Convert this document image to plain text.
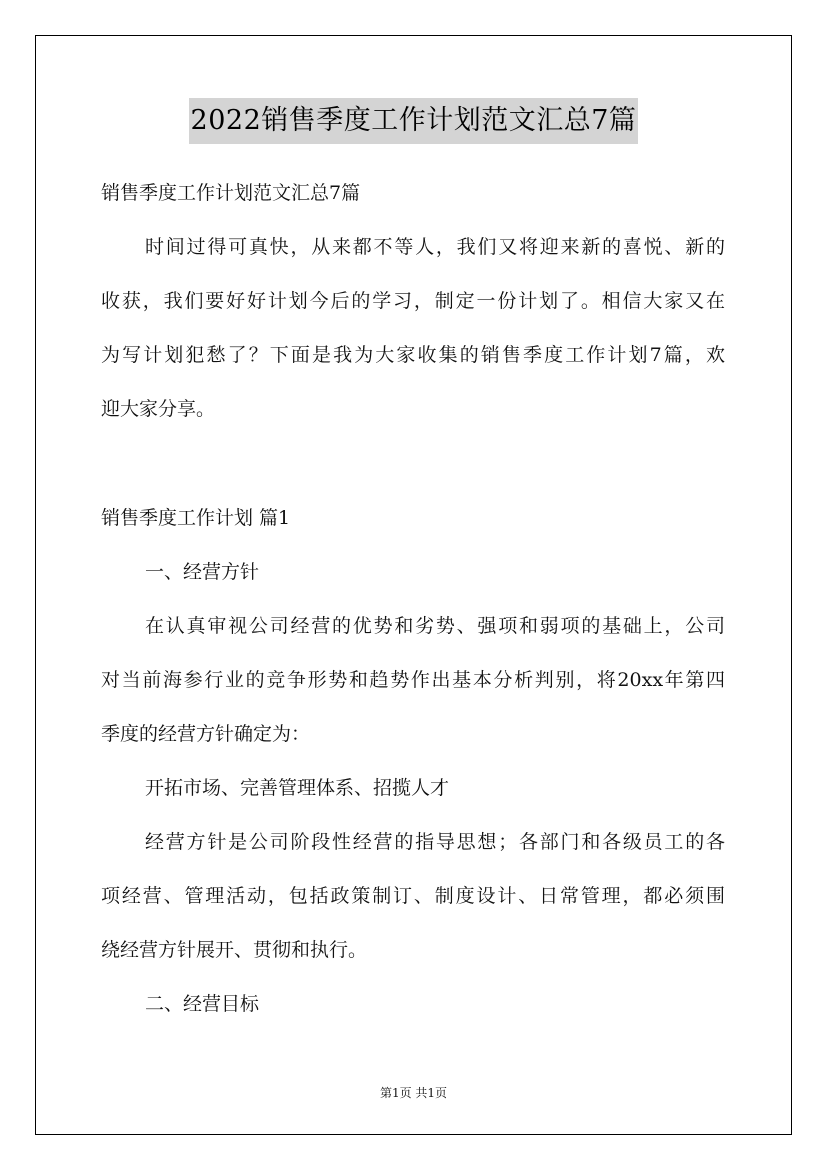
2022销售季度工作计划范文汇总7篇
销售季度工作计划范文汇总7篇
时间过得可真快，从来都不等人，我们又将迎来新的喜悦、新的
收获，我们要好好计划今后的学习，制定一份计划了。相信大家又在
为写计划犯愁了？下面是我为大家收集的销售季度工作计划7篇，欢
迎大家分享。
销售季度工作计划 篇1
一、经营方针
在认真审视公司经营的优势和劣势、强项和弱项的基础上，公司
对当前海参行业的竞争形势和趋势作出基本分析判别，将20xx年第四
季度的经营方针确定为：
开拓市场、完善管理体系、招揽人才
经营方针是公司阶段性经营的指导思想；各部门和各级员工的各
项经营、管理活动，包括政策制订、制度设计、日常管理，都必须围
绕经营方针展开、贯彻和执行。
二、经营目标
第1页 共1页
